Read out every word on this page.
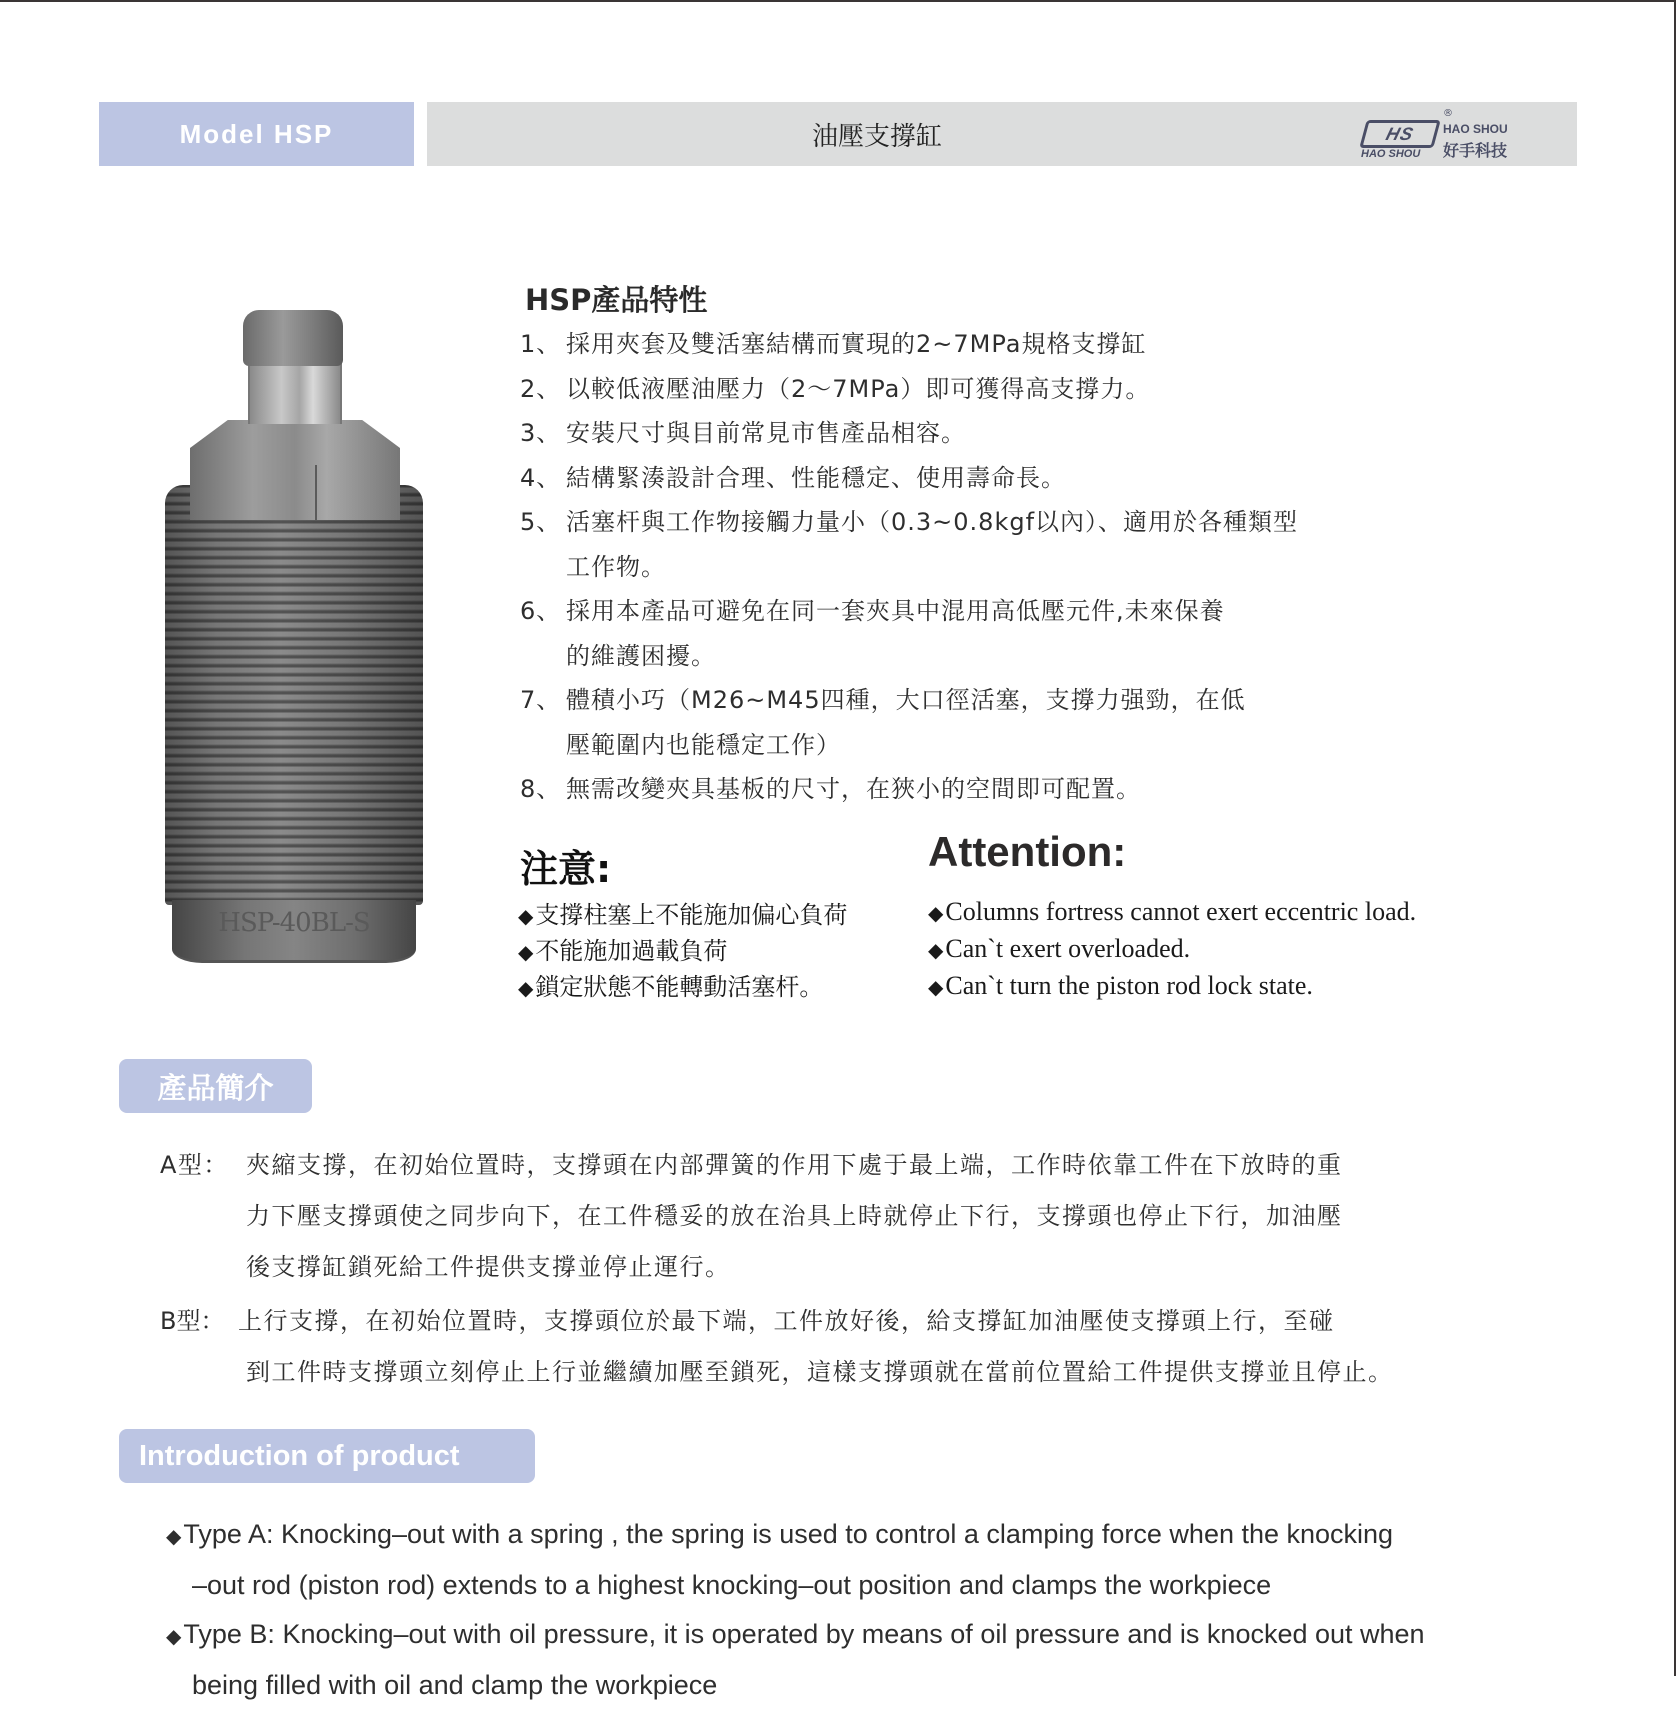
Model HSP	油壓支撐缸	HS
®
HAO SHOU
HAO SHOU 好手科技
HSP-40BL-S
HSP產品特性
1、 採用夾套及雙活塞結構而實現的2~7MPa規格支撐缸
2、 以較低液壓油壓力（2～7MPa）即可獲得高支撐力。
3、 安裝尺寸與目前常見市售產品相容。
4、 結構緊湊設計合理、性能穩定、使用壽命長。
5、 活塞杆與工作物接觸力量小（0.3~0.8kgf以內）、適用於各種類型
工作物。
6、 採用本產品可避免在同一套夾具中混用高低壓元件,未來保養
的維護困擾。
7、 體積小巧（M26~M45四種，大口徑活塞，支撐力强勁，在低
壓範圍内也能穩定工作）
8、 無需改變夾具基板的尺寸，在狹小的空間即可配置。
注意:	Attention:
◆支撐柱塞上不能施加偏心負荷
◆不能施加過載負荷
◆鎖定狀態不能轉動活塞杆。
◆Columns fortress cannot exert eccentric load.
◆Can`t exert overloaded.
◆Can`t turn the piston rod lock state.
產品簡介
A型： 夾縮支撐，在初始位置時，支撐頭在内部彈簧的作用下處于最上端，工作時依靠工件在下放時的重
力下壓支撐頭使之同步向下，在工件穩妥的放在治具上時就停止下行，支撐頭也停止下行，加油壓
後支撐缸鎖死給工件提供支撐並停止運行。
B型： 上行支撐，在初始位置時，支撐頭位於最下端，工件放好後，給支撐缸加油壓使支撐頭上行，至碰
到工件時支撐頭立刻停止上行並繼續加壓至鎖死，這樣支撐頭就在當前位置給工件提供支撐並且停止。
Introduction of product
◆Type A: Knocking–out with a spring , the spring is used to control a clamping force when the knocking
–out rod (piston rod) extends to a highest knocking–out position and clamps the workpiece
◆Type B: Knocking–out with oil pressure, it is operated by means of oil pressure and is knocked out when
being filled with oil and clamp the workpiece
